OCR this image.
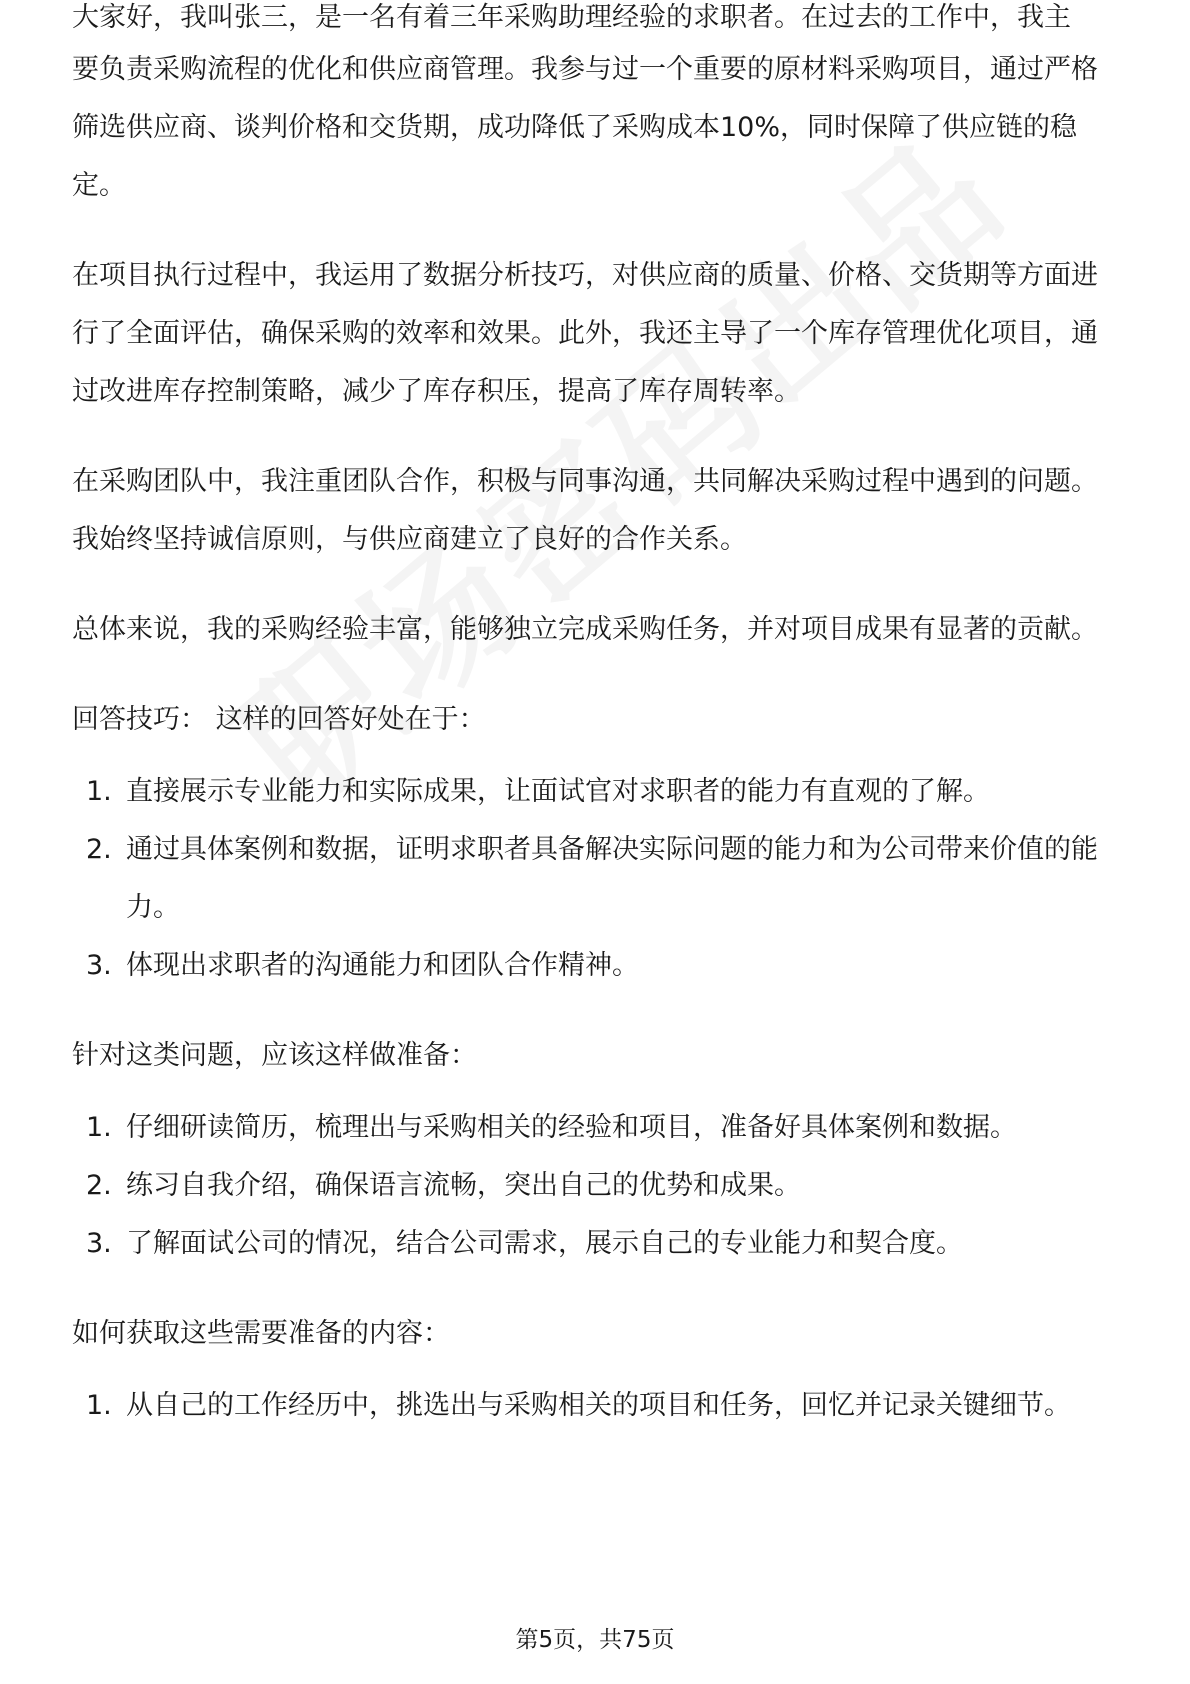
大家好，我叫张三，是一名有着三年采购助理经验的求职者。在过去的工作中，我主

要负责采购流程的优化和供应商管理。我参与过一个重要的原材料采购项目，通过严格筛选供应商、谈判价格和交货期，成功降低了采购成本10%，同时保障了供应链的稳定。

在项目执行过程中，我运用了数据分析技巧，对供应商的质量、价格、交货期等方面进行了全面评估，确保采购的效率和效果。此外，我还主导了一个库存管理优化项目，通过改进库存控制策略，减少了库存积压，提高了库存周转率。

在采购团队中，我注重团队合作，积极与同事沟通，共同解决采购过程中遇到的问题。我始终坚持诚信原则，与供应商建立了良好的合作关系。

总体来说，我的采购经验丰富，能够独立完成采购任务，并对项目成果有显著的贡献。

回答技巧： 这样的回答好处在于：

1. 直接展示专业能力和实际成果，让面试官对求职者的能力有直观的了解。
2. 通过具体案例和数据，证明求职者具备解决实际问题的能力和为公司带来价值的能力。
3. 体现出求职者的沟通能力和团队合作精神。

针对这类问题，应该这样做准备：

1. 仔细研读简历，梳理出与采购相关的经验和项目，准备好具体案例和数据。
2. 练习自我介绍，确保语言流畅，突出自己的优势和成果。
3. 了解面试公司的情况，结合公司需求，展示自己的专业能力和契合度。

如何获取这些需要准备的内容：

1. 从自己的工作经历中，挑选出与采购相关的项目和任务，回忆并记录关键细节。
第5页，共75页
